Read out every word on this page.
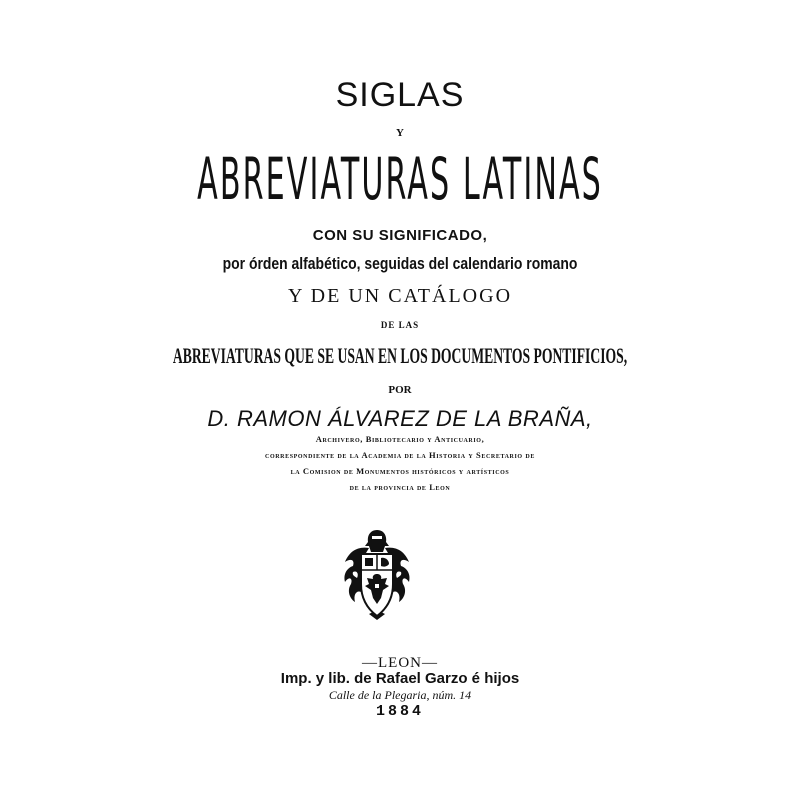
SIGLAS
Y
ABREVIATURAS LATINAS
CON SU SIGNIFICADO,
por órden alfabético, seguidas del calendario romano
Y DE UN CATÁLOGO
DE LAS
ABREVIATURAS QUE SE USAN EN LOS DOCUMENTOS PONTIFICIOS,
POR
D. RAMON ÁLVAREZ DE LA BRAÑA,
Archivero, Bibliotecario y Anticuario,
correspondiente de la Academia de la Historia y Secretario de
la Comision de Monumentos históricos y artísticos
de la provincia de Leon
—LEON—
Imp. y lib. de Rafael Garzo é hijos
Calle de la Plegaria, núm. 14
1884
